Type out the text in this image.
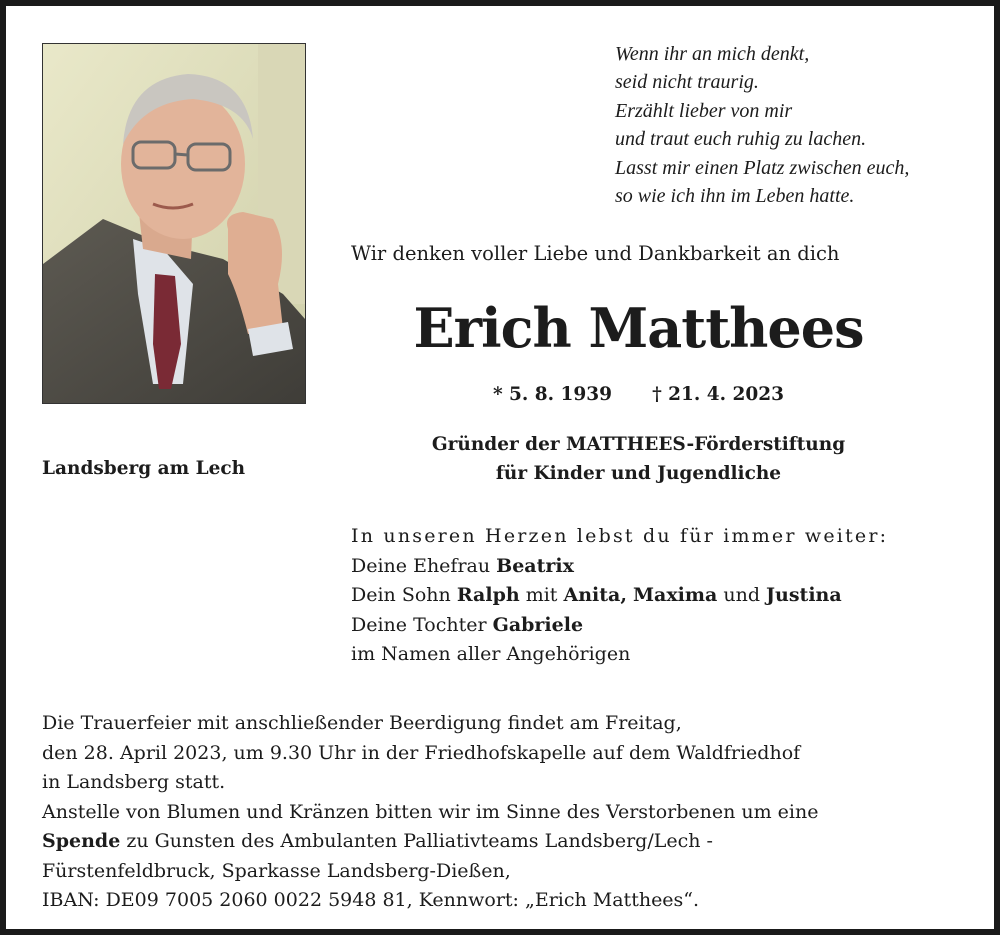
Wenn ihr an mich denkt,
seid nicht traurig.
Erzählt lieber von mir
und traut euch ruhig zu lachen.
Lasst mir einen Platz zwischen euch,
so wie ich ihn im Leben hatte.
Wir denken voller Liebe und Dankbarkeit an dich
Erich Matthees
* 5. 8. 1939 † 21. 4. 2023
Gründer der MATTHEES-Förderstiftung
für Kinder und Jugendliche
Landsberg am Lech
In unseren Herzen lebst du für immer weiter:
Deine Ehefrau Beatrix
Dein Sohn Ralph mit Anita, Maxima und Justina
Deine Tochter Gabriele
im Namen aller Angehörigen
Die Trauerfeier mit anschließender Beerdigung findet am Freitag,
den 28. April 2023, um 9.30 Uhr in der Friedhofskapelle auf dem Waldfriedhof
in Landsberg statt.
Anstelle von Blumen und Kränzen bitten wir im Sinne des Verstorbenen um eine
Spende zu Gunsten des Ambulanten Palliativteams Landsberg/Lech -
Fürstenfeldbruck, Sparkasse Landsberg-Dießen,
IBAN: DE09 7005 2060 0022 5948 81, Kennwort: „Erich Matthees“.
